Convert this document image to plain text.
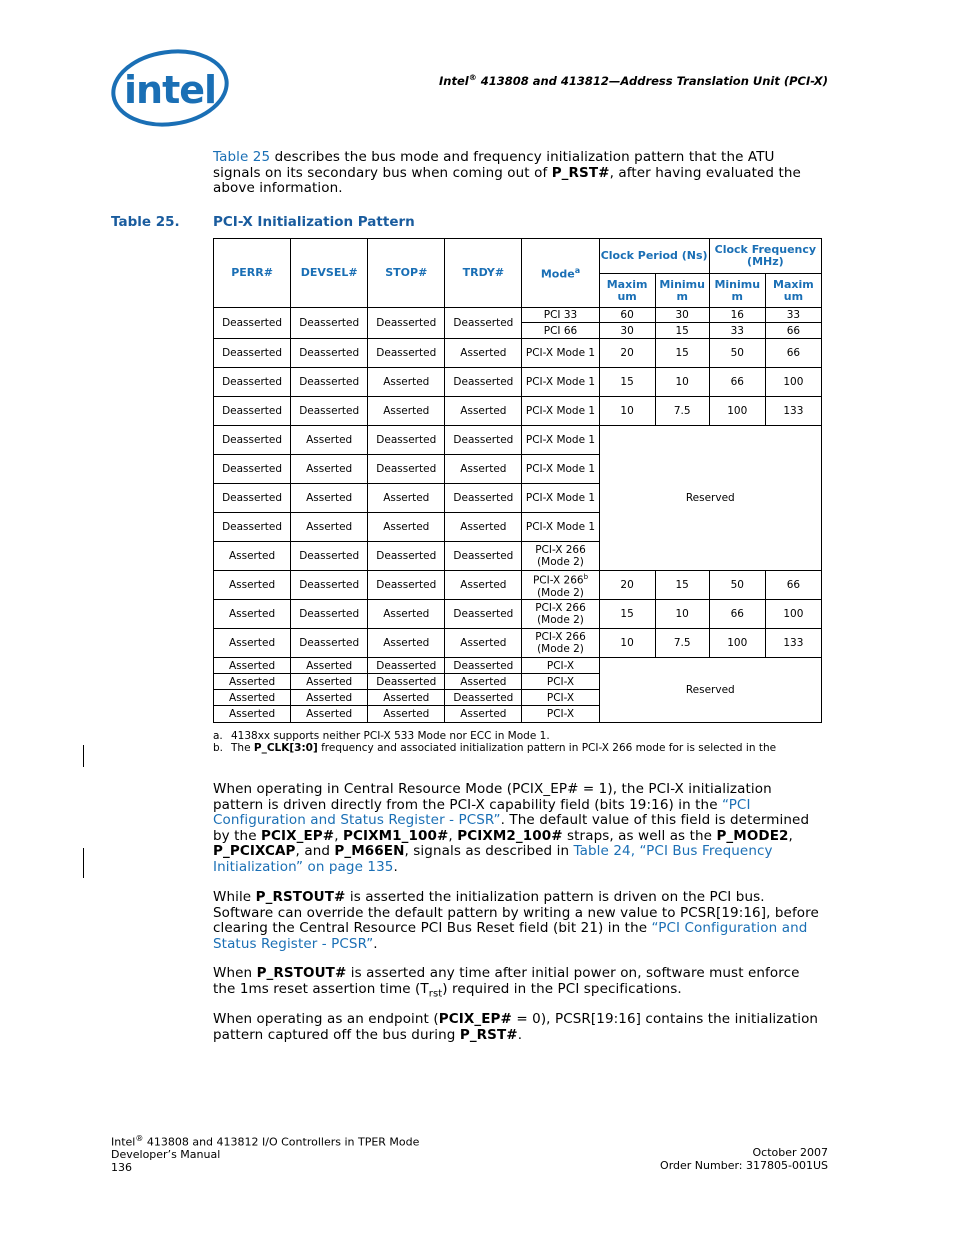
intel	Intel® 413808 and 413812—Address Translation Unit (PCI-X)
Table 25 describes the bus mode and frequency initialization pattern that the ATU signals on its secondary bus when coming out of P_RST#, after having evaluated the above information.
Table 25. PCI-X Initialization Pattern
PERR#	DEVSEL#	STOP#	TRDY#	Mode$^a$	Clock Period (Ns)		Clock Frequency (MHz)	
					Maxim um	Minimu m	Minimu m	Maxim um
Deasserted	Deasserted	Deasserted	Deasserted	PCI 33	60	30	16	33
				PCI 66	30	15	33	66
Deasserted	Deasserted	Deasserted	Asserted	PCI-X Mode 1	20	15	50	66
Deasserted	Deasserted	Asserted	Deasserted	PCI-X Mode 1	15	10	66	100
Deasserted	Deasserted	Asserted	Asserted	PCI-X Mode 1	10	7.5	100	133
Deasserted	Asserted	Deasserted	Deasserted	PCI-X Mode 1	Reserved			
Deasserted	Asserted	Deasserted	Asserted	PCI-X Mode 1				
Deasserted	Asserted	Asserted	Deasserted	PCI-X Mode 1				
Deasserted	Asserted	Asserted	Asserted	PCI-X Mode 1				
Asserted	Deasserted	Deasserted	Deasserted	PCI-X 266 (Mode 2)				
Asserted	Deasserted	Deasserted	Asserted	PCI-X 266$^b$ (Mode 2)	20	15	50	66
Asserted	Deasserted	Asserted	Deasserted	PCI-X 266 (Mode 2)	15	10	66	100
Asserted	Deasserted	Asserted	Asserted	PCI-X 266 (Mode 2)	10	7.5	100	133
Asserted	Asserted	Deasserted	Deasserted	PCI-X	Reserved			
Asserted	Asserted	Deasserted	Asserted	PCI-X				
Asserted	Asserted	Asserted	Deasserted	PCI-X				
Asserted	Asserted	Asserted	Asserted	PCI-X				
a. 4138xx supports neither PCI-X 533 Mode nor ECC in Mode 1.
b. The P_CLK[3:0] frequency and associated initialization pattern in PCI-X 266 mode for is selected in the
When operating in Central Resource Mode (PCIX_EP# = 1), the PCI-X initialization pattern is driven directly from the PCI-X capability field (bits 19:16) in the “PCI Configuration and Status Register - PCSR”. The default value of this field is determined by the PCIX_EP#, PCIXM1_100#, PCIXM2_100# straps, as well as the P_MODE2, P_PCIXCAP, and P_M66EN, signals as described in Table 24, “PCI Bus Frequency Initialization” on page 135.
While P_RSTOUT# is asserted the initialization pattern is driven on the PCI bus. Software can override the default pattern by writing a new value to PCSR[19:16], before clearing the Central Resource PCI Bus Reset field (bit 21) in the “PCI Configuration and Status Register - PCSR”.
When P_RSTOUT# is asserted any time after initial power on, software must enforce the 1ms reset assertion time $(T_{rst})$ required in the PCI specifications.
When operating as an endpoint (PCIX_EP# = 0), PCSR[19:16] contains the initialization pattern captured off the bus during P_RST#.
Intel® 413808 and 413812 I/O Controllers in TPER Mode
Developer’s Manual
136
October 2007
Order Number: 317805-001US
